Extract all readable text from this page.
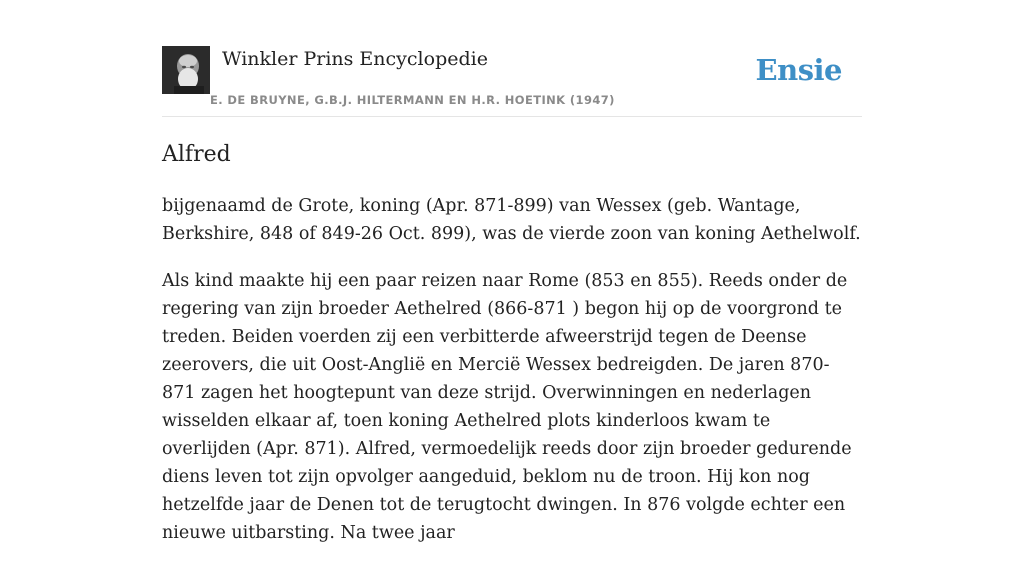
Winkler Prins Encyclopedie
E. DE BRUYNE, G.B.J. HILTERMANN EN H.R. HOETINK (1947)
Ensie
Alfred

bijgenaamd de Grote, koning (Apr. 871-899) van Wessex (geb. Wantage, Berkshire, 848 of 849-26 Oct. 899), was de vierde zoon van koning Aethelwolf.

Als kind maakte hij een paar reizen naar Rome (853 en 855). Reeds onder de regering van zijn broeder Aethelred (866-871 ) begon hij op de voorgrond te treden. Beiden voerden zij een verbitterde afweerstrijd tegen de Deense zeerovers, die uit Oost-Anglië en Mercië Wessex bedreigden. De jaren 870-871 zagen het hoogtepunt van deze strijd. Overwinningen en nederlagen wisselden elkaar af, toen koning Aethelred plots kinderloos kwam te overlijden (Apr. 871). Alfred, vermoedelijk reeds door zijn broeder gedurende diens leven tot zijn opvolger aangeduid, beklom nu de troon. Hij kon nog hetzelfde jaar de Denen tot de terugtocht dwingen. In 876 volgde echter een nieuwe uitbarsting. Na twee jaar
